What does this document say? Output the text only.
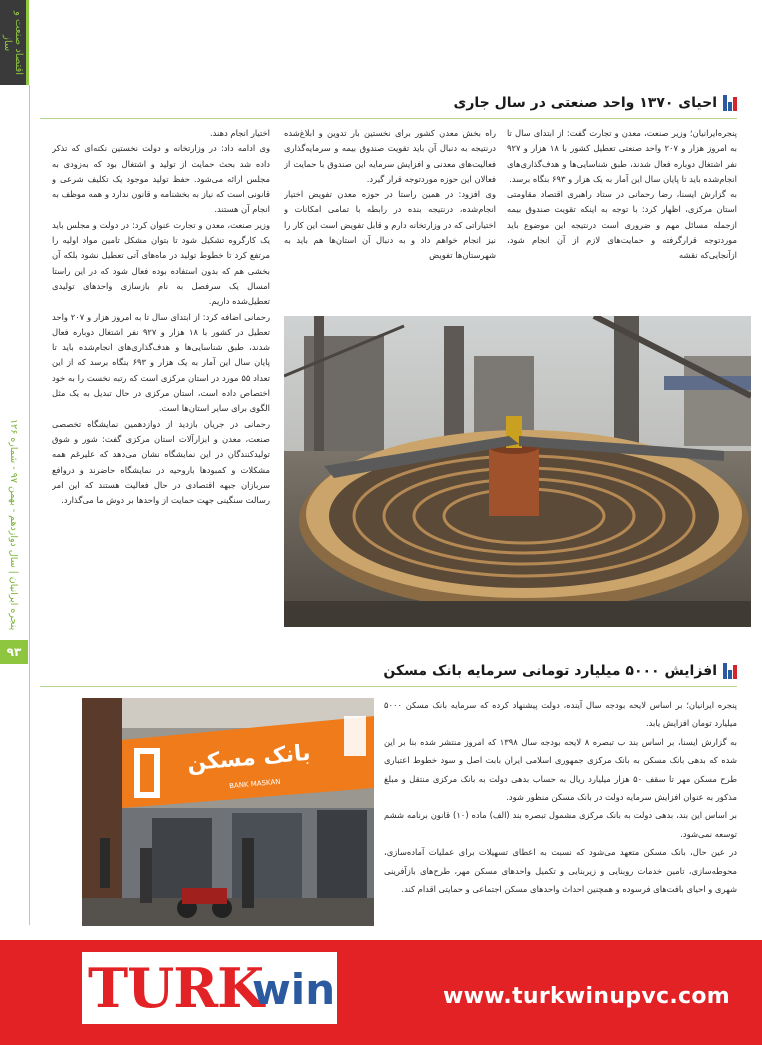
اقتصاد صنعت و ساز
پنجره ایرانیان | سال دوازدهم - بهمن ۹۷ - شماره ۱۲۶
۹۳
احیای ۱۳۷۰ واحد صنعتی در سال جاری

پنجره‌ایرانیان؛ وزیر صنعت، معدن و تجارت گفت: از ابتدای سال تا به امروز هزار و ۲۰۷ واحد صنعتی تعطیل کشور با ۱۸ هزار و ۹۲۷ نفر اشتغال دوباره فعال شدند، طبق شناسایی‌ها و هدف‌گذاری‌های انجام‌شده باید تا پایان سال این آمار به یک هزار و ۶۹۳ بنگاه برسد.

به گزارش ایسنا، رضا رحمانی در ستاد راهبری اقتصاد مقاومتی استان مرکزی، اظهار کرد: با توجه به اینکه تقویت صندوق بیمه ازجمله مسائل مهم و ضروری است درنتیجه این موضوع باید موردتوجه قرارگرفته و حمایت‌های لازم از آن انجام شود، ازآنجایی‌که نقشه

راه بخش معدن کشور برای نخستین بار تدوین و ابلاغ‌شده درنتیجه به دنبال آن باید تقویت صندوق بیمه و سرمایه‌گذاری فعالیت‌های معدنی و افزایش سرمایه این صندوق با حمایت از فعالان این حوزه موردتوجه قرار گیرد.

وی افزود: در همین راستا در حوزه معدن تفویض اختیار انجام‌شده، درنتیجه بنده در رابطه با تمامی امکانات و اختیاراتی که در وزارتخانه دارم و قابل تفویض است این کار را نیز انجام خواهم داد و به دنبال آن استان‌ها هم باید به شهرستان‌ها تفویض

اختیار انجام دهند.

وی ادامه داد: در وزارتخانه و دولت نخستین نکته‌ای که تذکر داده شد بحث حمایت از تولید و اشتغال بود که به‌زودی به مجلس ارائه می‌شود. حفظ تولید موجود یک تکلیف شرعی و قانونی است که نیاز به بخشنامه و قانون ندارد و همه موظف به انجام آن هستند.

وزیر صنعت، معدن و تجارت عنوان کرد: در دولت و مجلس باید یک کارگروه تشکیل شود تا بتوان مشکل تامین مواد اولیه را مرتفع کرد تا خطوط تولید در ماه‌های آتی تعطیل نشود بلکه آن بخشی هم که بدون استفاده بوده فعال شود که در این راستا امسال یک سرفصل به نام بازسازی واحدهای تولیدی تعطیل‌شده داریم.

رحمانی اضافه کرد: از ابتدای سال تا به امروز هزار و ۲۰۷ واحد تعطیل در کشور با ۱۸ هزار و ۹۲۷ نفر اشتغال دوباره فعال شدند، طبق شناسایی‌ها و هدف‌گذاری‌های انجام‌شده باید تا پایان سال این آمار به یک هزار و ۶۹۳ بنگاه برسد که از این تعداد ۵۵ مورد در استان مرکزی است که رتبه نخست را به خود اختصاص داده است، استان مرکزی در حال تبدیل به یک مثل الگوی برای سایر استان‌ها است.

رحمانی در جریان بازدید از دوازدهمین نمایشگاه تخصصی صنعت، معدن و ابزارآلات استان مرکزی گفت: شور و شوق تولیدکنندگان در این نمایشگاه نشان می‌دهد که علیرغم همه مشکلات و کمبودها باروحیه در نمایشگاه حاضرند و دروافع سربازان جبهه اقتصادی در حال فعالیت هستند که این امر رسالت سنگینی جهت حمایت از واحدها بر دوش ما می‌گذارد.

افزایش ۵۰۰۰ میلیارد تومانی سرمایه بانک مسکن

پنجره ایرانیان؛ بر اساس لایحه بودجه سال آینده، دولت پیشنهاد کرده که سرمایه بانک مسکن ۵۰۰۰ میلیارد تومان افزایش یابد.

به گزارش ایسنا، بر اساس بند ب تبصره ۸ لایحه بودجه سال ۱۳۹۸ که امروز منتشر شده بنا بر این شده که بدهی بانک مسکن به بانک مرکزی جمهوری اسلامی ایران بابت اصل و سود خطوط اعتباری طرح مسکن مهر تا سقف ۵۰ هزار میلیارد ریال به حساب بدهی دولت به بانک مرکزی منتقل و مبلغ مذکور به عنوان افزایش سرمایه دولت در بانک مسکن منظور شود.

بر اساس این بند، بدهی دولت به بانک مرکزی مشمول تبصره بند (الف) ماده (۱۰) قانون برنامه ششم توسعه نمی‌شود.

در عین حال، بانک مسکن متعهد می‌شود که نسبت به اعطای تسهیلات برای عملیات آماده‌سازی، محوطه‌سازی، تامین خدمات روبنایی و زیربنایی و تکمیل واحدهای مسکن مهر، طرح‌های بازآفرینی شهری و احیای بافت‌های فرسوده و همچنین احداث واحدهای مسکن اجتماعی و حمایتی اقدام کند.

بانک مسکن
BANK MASKAN
TURK
win	www.turkwinupvc.com
